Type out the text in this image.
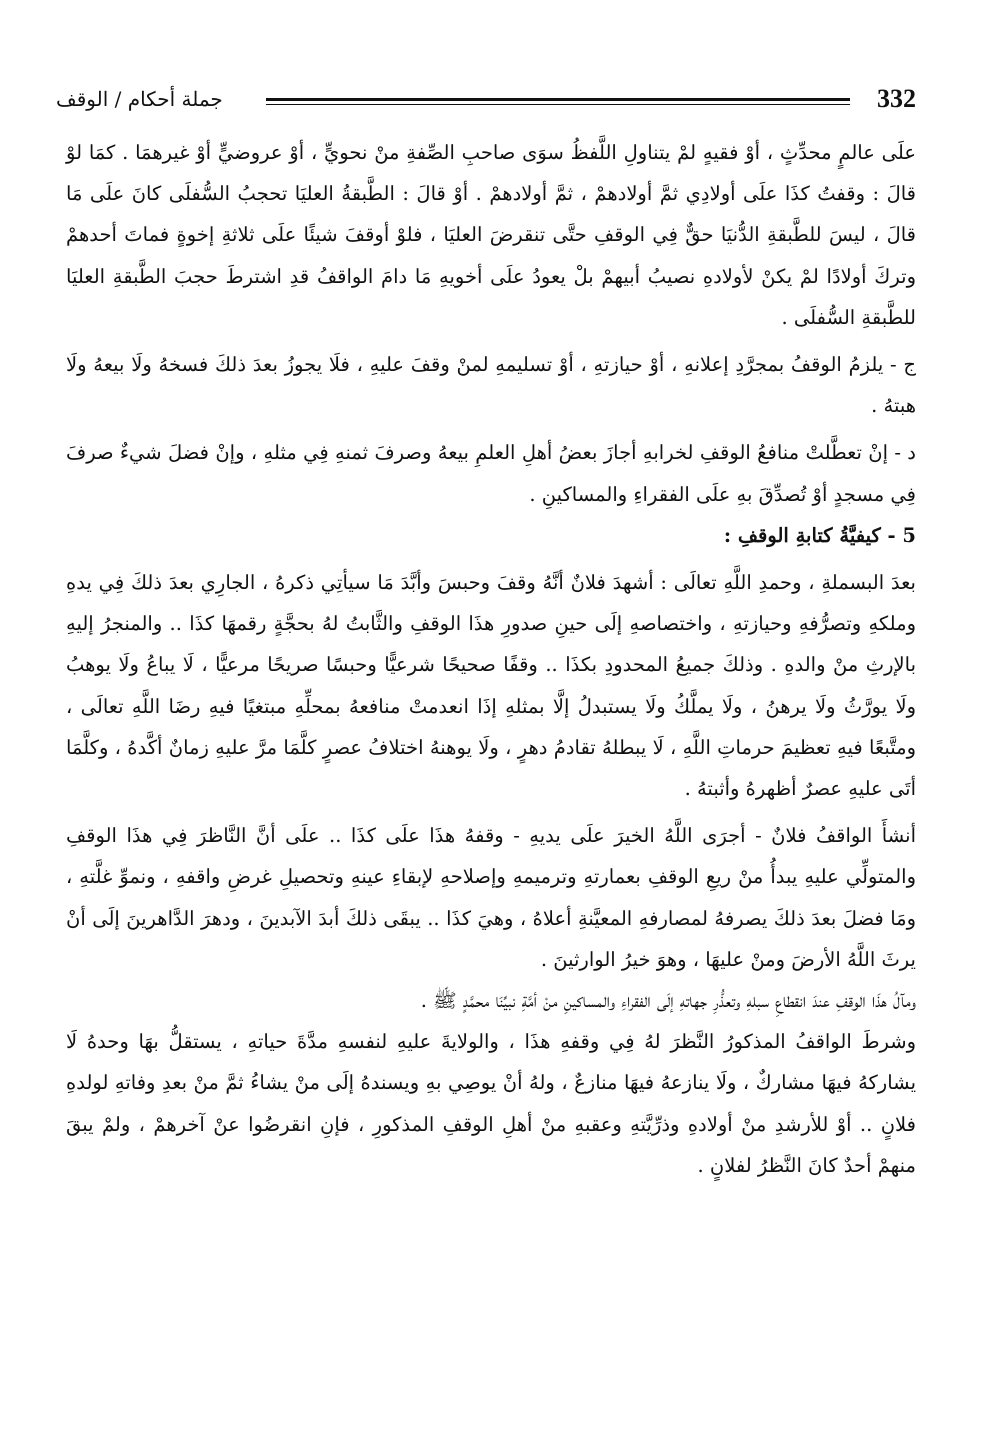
جملة أحكام / الوقف	332

علَى عالمٍ محدِّثٍ ، أوْ فقيهٍ لمْ يتناولِ اللَّفظُ سوَى صاحبِ الصِّفةِ منْ نحويٍّ ، أوْ عروضيٍّ أوْ غيرهمَا . كمَا لوْ قالَ : وقفتُ كذَا علَى أولادِي ثمَّ أولادهمْ ، ثمَّ أولادهمْ . أوْ قالَ : الطَّبقةُ العليَا تحجبُ السُّفلَى كانَ علَى مَا قالَ ، ليسَ للطَّبقةِ الدُّنيَا حقٌّ فِي الوقفِ حتَّى تنقرضَ العليَا ، فلوْ أوقفَ شيئًا علَى ثلاثةِ إخوةٍ فماتَ أحدهمْ وتركَ أولادًا لمْ يكنْ لأولادهِ نصيبُ أبيهمْ بلْ يعودُ علَى أخويهِ مَا دامَ الواقفُ قدِ اشترطَ حجبَ الطَّبقةِ العليَا للطَّبقةِ السُّفلَى .

ج - يلزمُ الوقفُ بمجرَّدِ إعلانهِ ، أوْ حيازتهِ ، أوْ تسليمهِ لمنْ وقفَ عليهِ ، فلَا يجوزُ بعدَ ذلكَ فسخهُ ولَا بيعهُ ولَا هبتهُ .

د - إنْ تعطَّلتْ منافعُ الوقفِ لخرابهِ أجازَ بعضُ أهلِ العلمِ بيعهُ وصرفَ ثمنهِ فِي مثلهِ ، وإنْ فضلَ شيءٌ صرفَ فِي مسجدٍ أوْ تُصدِّقَ بهِ علَى الفقراءِ والمساكينِ .

5 - كيفيَّةُ كتابةِ الوقفِ :

بعدَ البسملةِ ، وحمدِ اللَّهِ تعالَى : أشهدَ فلانٌ أنَّهُ وقفَ وحبسَ وأبَّدَ مَا سيأتِي ذكرهُ ، الجارِي بعدَ ذلكَ فِي يدهِ وملكهِ وتصرُّفهِ وحيازتهِ ، واختصاصهِ إلَى حينِ صدورِ هذَا الوقفِ والثَّابتُ لهُ بحجَّةٍ رقمهَا كذَا .. والمنجرُ إليهِ بالإرثِ منْ والدهِ . وذلكَ جميعُ المحدودِ بكذَا .. وقفًا صحيحًا شرعيًّا وحبسًا صريحًا مرعيًّا ، لَا يباعُ ولَا يوهبُ ولَا يورَّثُ ولَا يرهنُ ، ولَا يملَّكُ ولَا يستبدلُ إلَّا بمثلهِ إذَا انعدمتْ منافعهُ بمحلِّهِ مبتغيًا فيهِ رضَا اللَّهِ تعالَى ، ومتَّبعًا فيهِ تعظيمَ حرماتِ اللَّهِ ، لَا يبطلهُ تقادمُ دهرٍ ، ولَا يوهنهُ اختلافُ عصرٍ كلَّمَا مرَّ عليهِ زمانٌ أكَّدهُ ، وكلَّمَا أتَى عليهِ عصرٌ أظهرهُ وأثبتهُ .

أنشأَ الواقفُ فلانٌ - أجرَى اللَّهُ الخيرَ علَى يديهِ - وقفهُ هذَا علَى كذَا .. علَى أنَّ النَّاظرَ فِي هذَا الوقفِ والمتولِّي عليهِ يبدأُ منْ ريعِ الوقفِ بعمارتهِ وترميمهِ وإصلاحهِ لإبقاءِ عينهِ وتحصيلِ غرضِ واقفهِ ، ونموِّ غلَّتهِ ، ومَا فضلَ بعدَ ذلكَ يصرفهُ لمصارفهِ المعيَّنةِ أعلاهُ ، وهيَ كذَا .. يبقَى ذلكَ أبدَ الآبدينَ ، ودهرَ الدَّاهرينَ إلَى أنْ يرثَ اللَّهُ الأرضَ ومنْ عليهَا ، وهوَ خيرُ الوارثينَ .

ومآلُ هذَا الوقفِ عندَ انقطاعِ سبلهِ وتعذُّرِ جهاتهِ إلَى الفقراءِ والمساكينِ منْ أمَّةِ نبيِّنَا محمَّدٍ ﷺ .

وشرطَ الواقفُ المذكورُ النَّظرَ لهُ فِي وقفهِ هذَا ، والولايةَ عليهِ لنفسهِ مدَّةَ حياتهِ ، يستقلُّ بهَا وحدهُ لَا يشاركهُ فيهَا مشاركٌ ، ولَا ينازعهُ فيهَا منازعٌ ، ولهُ أنْ يوصِي بهِ ويسندهُ إلَى منْ يشاءُ ثمَّ منْ بعدِ وفاتهِ لولدهِ فلانٍ .. أوْ للأرشدِ منْ أولادهِ وذرِّيَّتهِ وعقبهِ منْ أهلِ الوقفِ المذكورِ ، فإنِ انقرضُوا عنْ آخرهمْ ، ولمْ يبقَ منهمْ أحدٌ كانَ النَّظرُ لفلانٍ .
